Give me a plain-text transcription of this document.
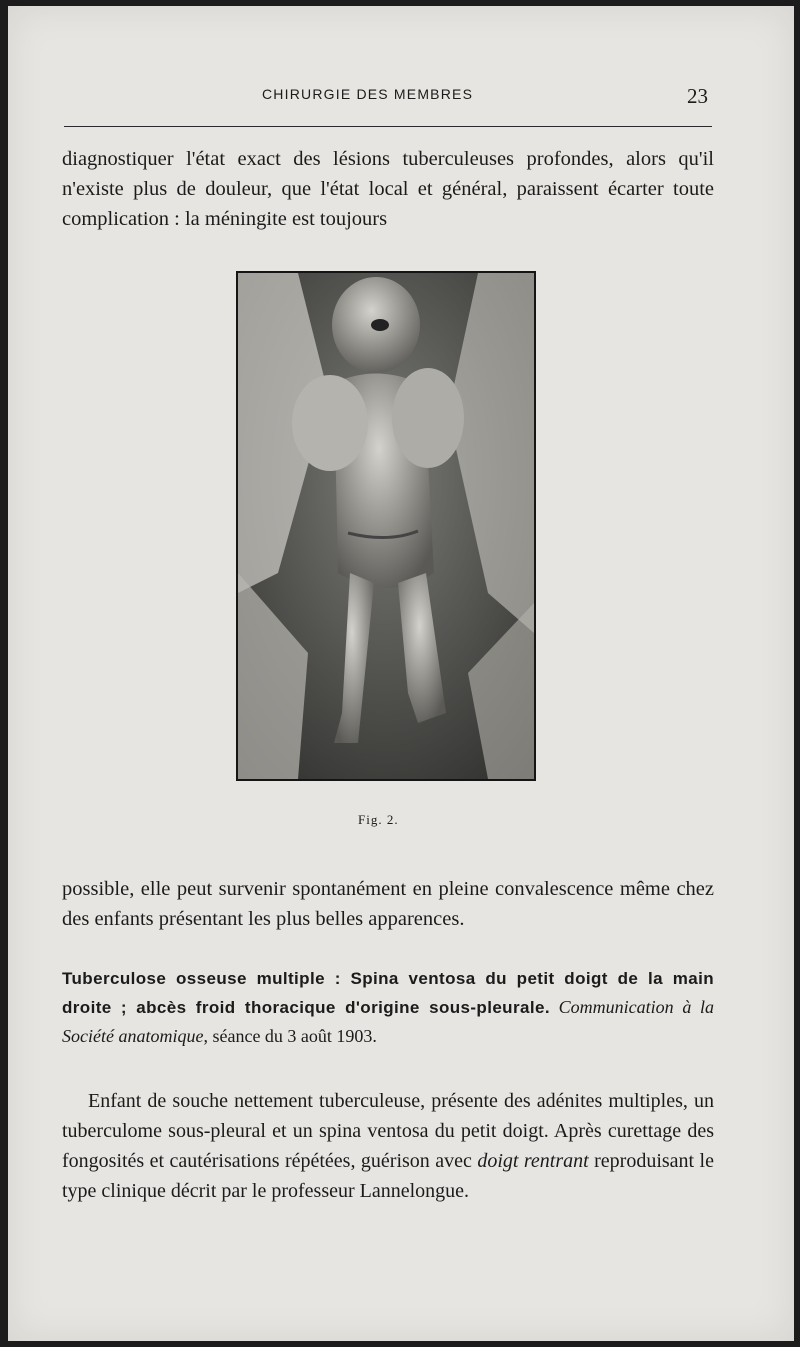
CHIRURGIE DES MEMBRES	23

diagnostiquer l'état exact des lésions tuberculeuses profondes, alors qu'il n'existe plus de douleur, que l'état local et général, paraissent écarter toute complication : la méningite est toujours

Fig. 2.

possible, elle peut survenir spontanément en pleine convalescence même chez des enfants présentant les plus belles apparences.

Tuberculose osseuse multiple : Spina ventosa du petit doigt de la main droite ; abcès froid thoracique d'origine sous-pleurale. Communication à la Société anatomique, séance du 3 août 1903.

Enfant de souche nettement tuberculeuse, présente des adénites multiples, un tuberculome sous-pleural et un spina ventosa du petit doigt. Après curettage des fongosités et cautérisations répétées, guérison avec doigt rentrant reproduisant le type clinique décrit par le professeur Lannelongue.
